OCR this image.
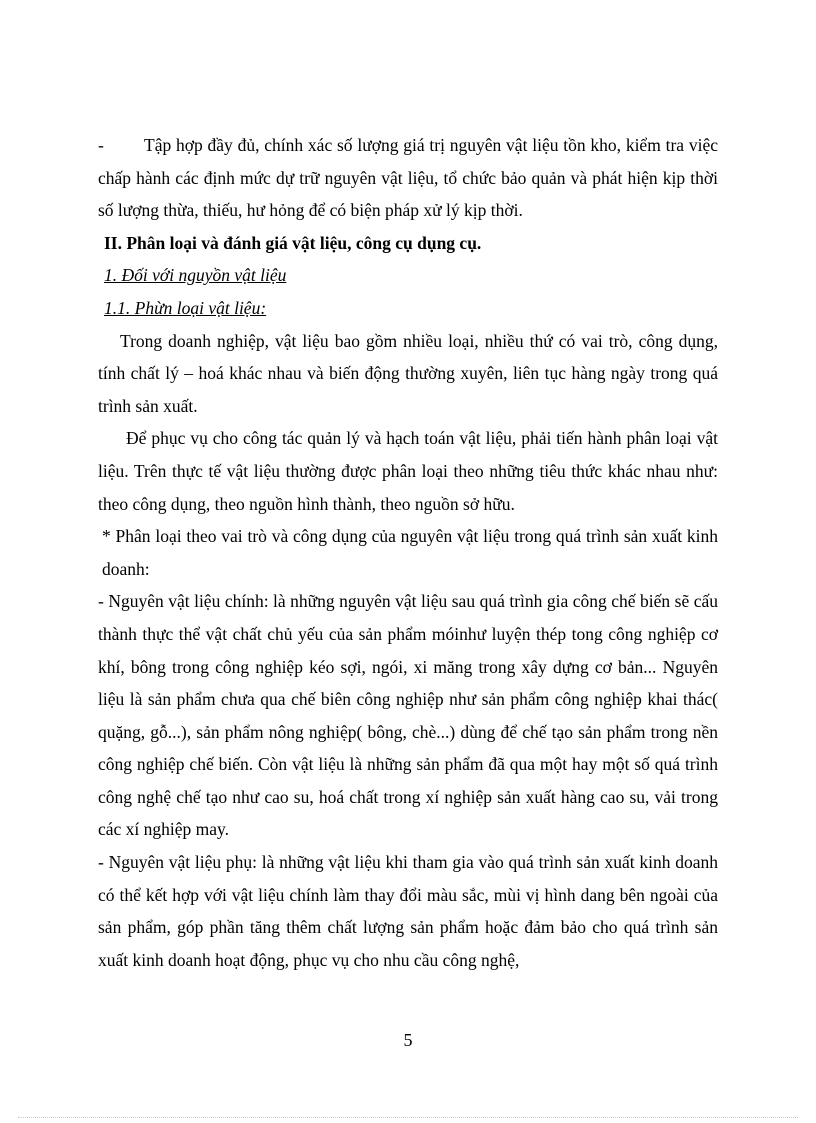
- Tập hợp đầy đủ, chính xác số lượng giá trị nguyên vật liệu tồn kho, kiểm tra việc chấp hành các định mức dự trữ nguyên vật liệu, tổ chức bảo quản và phát hiện kịp thời số lượng thừa, thiếu, hư hỏng để có biện pháp xử lý kịp thời.

II. Phân loại và đánh giá vật liệu, công cụ dụng cụ.

1. Đối với nguyồn vật liệu

1.1. Phừn loại vật liệu:

Trong doanh nghiệp, vật liệu bao gồm nhiều loại, nhiều thứ có vai trò, công dụng, tính chất lý – hoá khác nhau và biến động thường xuyên, liên tục hàng ngày trong quá trình sản xuất.

Để phục vụ cho công tác quản lý và hạch toán vật liệu, phải tiến hành phân loại vật liệu. Trên thực tế vật liệu thường được phân loại theo những tiêu thức khác nhau như: theo công dụng, theo nguồn hình thành, theo nguồn sở hữu.

* Phân loại theo vai trò và công dụng của nguyên vật liệu trong quá trình sản xuất kinh doanh:

- Nguyên vật liệu chính: là những nguyên vật liệu sau quá trình gia công chế biến sẽ cấu thành thực thể vật chất chủ yếu của sản phẩm móinhư luyện thép tong công nghiệp cơ khí, bông trong công nghiệp kéo sợi, ngói, xi măng trong xây dựng cơ bản... Nguyên liệu là sản phẩm chưa qua chế biên công nghiệp như sản phẩm công nghiệp khai thác( quặng, gỗ...), sản phẩm nông nghiệp( bông, chè...) dùng để chế tạo sản phẩm trong nền công nghiệp chế biến. Còn vật liệu là những sản phẩm đã qua một hay một số quá trình công nghệ chế tạo như cao su, hoá chất trong xí nghiệp sản xuất hàng cao su, vải trong các xí nghiệp may.

- Nguyên vật liệu phụ: là những vật liệu khi tham gia vào quá trình sản xuất kinh doanh có thể kết hợp với vật liệu chính làm thay đổi màu sắc, mùi vị hình dang bên ngoài của sản phẩm, góp phần tăng thêm chất lượng sản phẩm hoặc đảm bảo cho quá trình sản xuất kinh doanh hoạt động, phục vụ cho nhu cầu công nghệ,

5
